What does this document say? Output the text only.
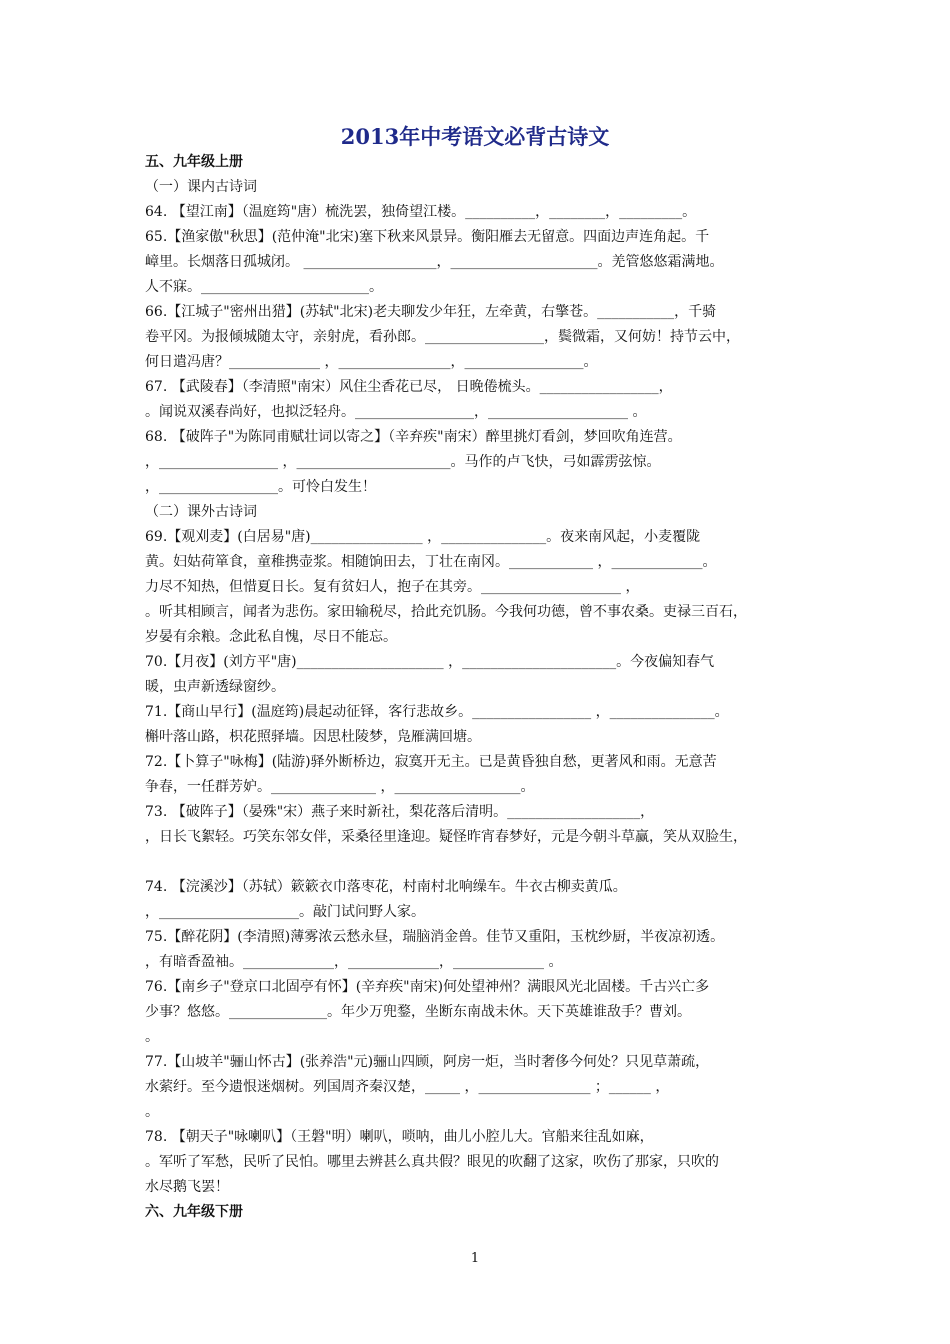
2013年中考语文必背古诗文
五、九年级上册
（一）课内古诗词
64. 【望江南】（温庭筠"唐）梳洗罢，独倚望江楼。__________，________，_________。
65.【渔家傲"秋思】(范仲淹"北宋)塞下秋来风景异。衡阳雁去无留意。四面边声连角起。千
嶂里。长烟落日孤城闭。 ___________________，_____________________。羌管悠悠霜满地。
人不寐。________________________。
66.【江城子"密州出猎】(苏轼"北宋)老夫聊发少年狂，左牵黄，右擎苍。___________，千骑
卷平冈。为报倾城随太守，亲射虎，看孙郎。_________________，鬓微霜，又何妨！持节云中，
何日遣冯唐？_____________ ，________________，_________________。
67. 【武陵春】（李清照"南宋）风住尘香花已尽， 日晚倦梳头。_________________，
。闻说双溪春尚好，也拟泛轻舟。_________________，____________________ 。
68. 【破阵子"为陈同甫赋壮词以寄之】（辛弃疾"南宋）醉里挑灯看剑，梦回吹角连营。
，_________________ ，______________________。马作的卢飞快，弓如霹雳弦惊。
，_________________。可怜白发生！
（二）课外古诗词
69.【观刈麦】(白居易"唐)________________ ，_______________。夜来南风起，小麦覆陇
黄。妇姑荷箪食，童稚携壶浆。相随饷田去，丁壮在南冈。____________ ，_____________。
力尽不知热，但惜夏日长。复有贫妇人，抱子在其旁。____________________ ，
。听其相顾言，闻者为悲伤。家田输税尽，拾此充饥肠。今我何功德，曾不事农桑。吏禄三百石，
岁晏有余粮。念此私自愧，尽日不能忘。
70.【月夜】(刘方平"唐)_____________________ ，______________________。今夜偏知春气
暖，虫声新透绿窗纱。
71.【商山早行】(温庭筠)晨起动征铎，客行悲故乡。_________________ ，_______________。
槲叶落山路，枳花照驿墙。因思杜陵梦，凫雁满回塘。
72.【卜算子"咏梅】(陆游)驿外断桥边，寂寞开无主。已是黄昏独自愁，更著风和雨。无意苦
争春，一任群芳妒。_______________ ，__________________。
73. 【破阵子】（晏殊"宋）燕子来时新社，梨花落后清明。___________________，
，日长飞絮轻。巧笑东邻女伴，采桑径里逢迎。疑怪昨宵春梦好，元是今朝斗草赢，笑从双脸生，
74. 【浣溪沙】（苏轼）簌簌衣巾落枣花，村南村北响缲车。牛衣古柳卖黄瓜。
，____________________。敲门试问野人家。
75.【醉花阴】(李清照)薄雾浓云愁永昼，瑞脑消金兽。佳节又重阳，玉枕纱厨，半夜凉初透。
，有暗香盈袖。_____________，_____________，_____________ 。
76.【南乡子"登京口北固亭有怀】(辛弃疾"南宋)何处望神州？满眼风光北固楼。千古兴亡多
少事？悠悠。______________。年少万兜鍪，坐断东南战未休。天下英雄谁敌手？曹刘。
。
77.【山坡羊"骊山怀古】(张养浩"元)骊山四顾，阿房一炬，当时奢侈今何处？只见草萧疏，
水萦纡。至今遗恨迷烟树。列国周齐秦汉楚，_____ ，________________ ；______ ，
。
78. 【朝天子"咏喇叭】（王磐"明）喇叭，唢呐，曲儿小腔儿大。官船来往乱如麻，
。军听了军愁，民听了民怕。哪里去辨甚么真共假？眼见的吹翻了这家，吹伤了那家，只吹的
水尽鹅飞罢！
六、九年级下册
1
